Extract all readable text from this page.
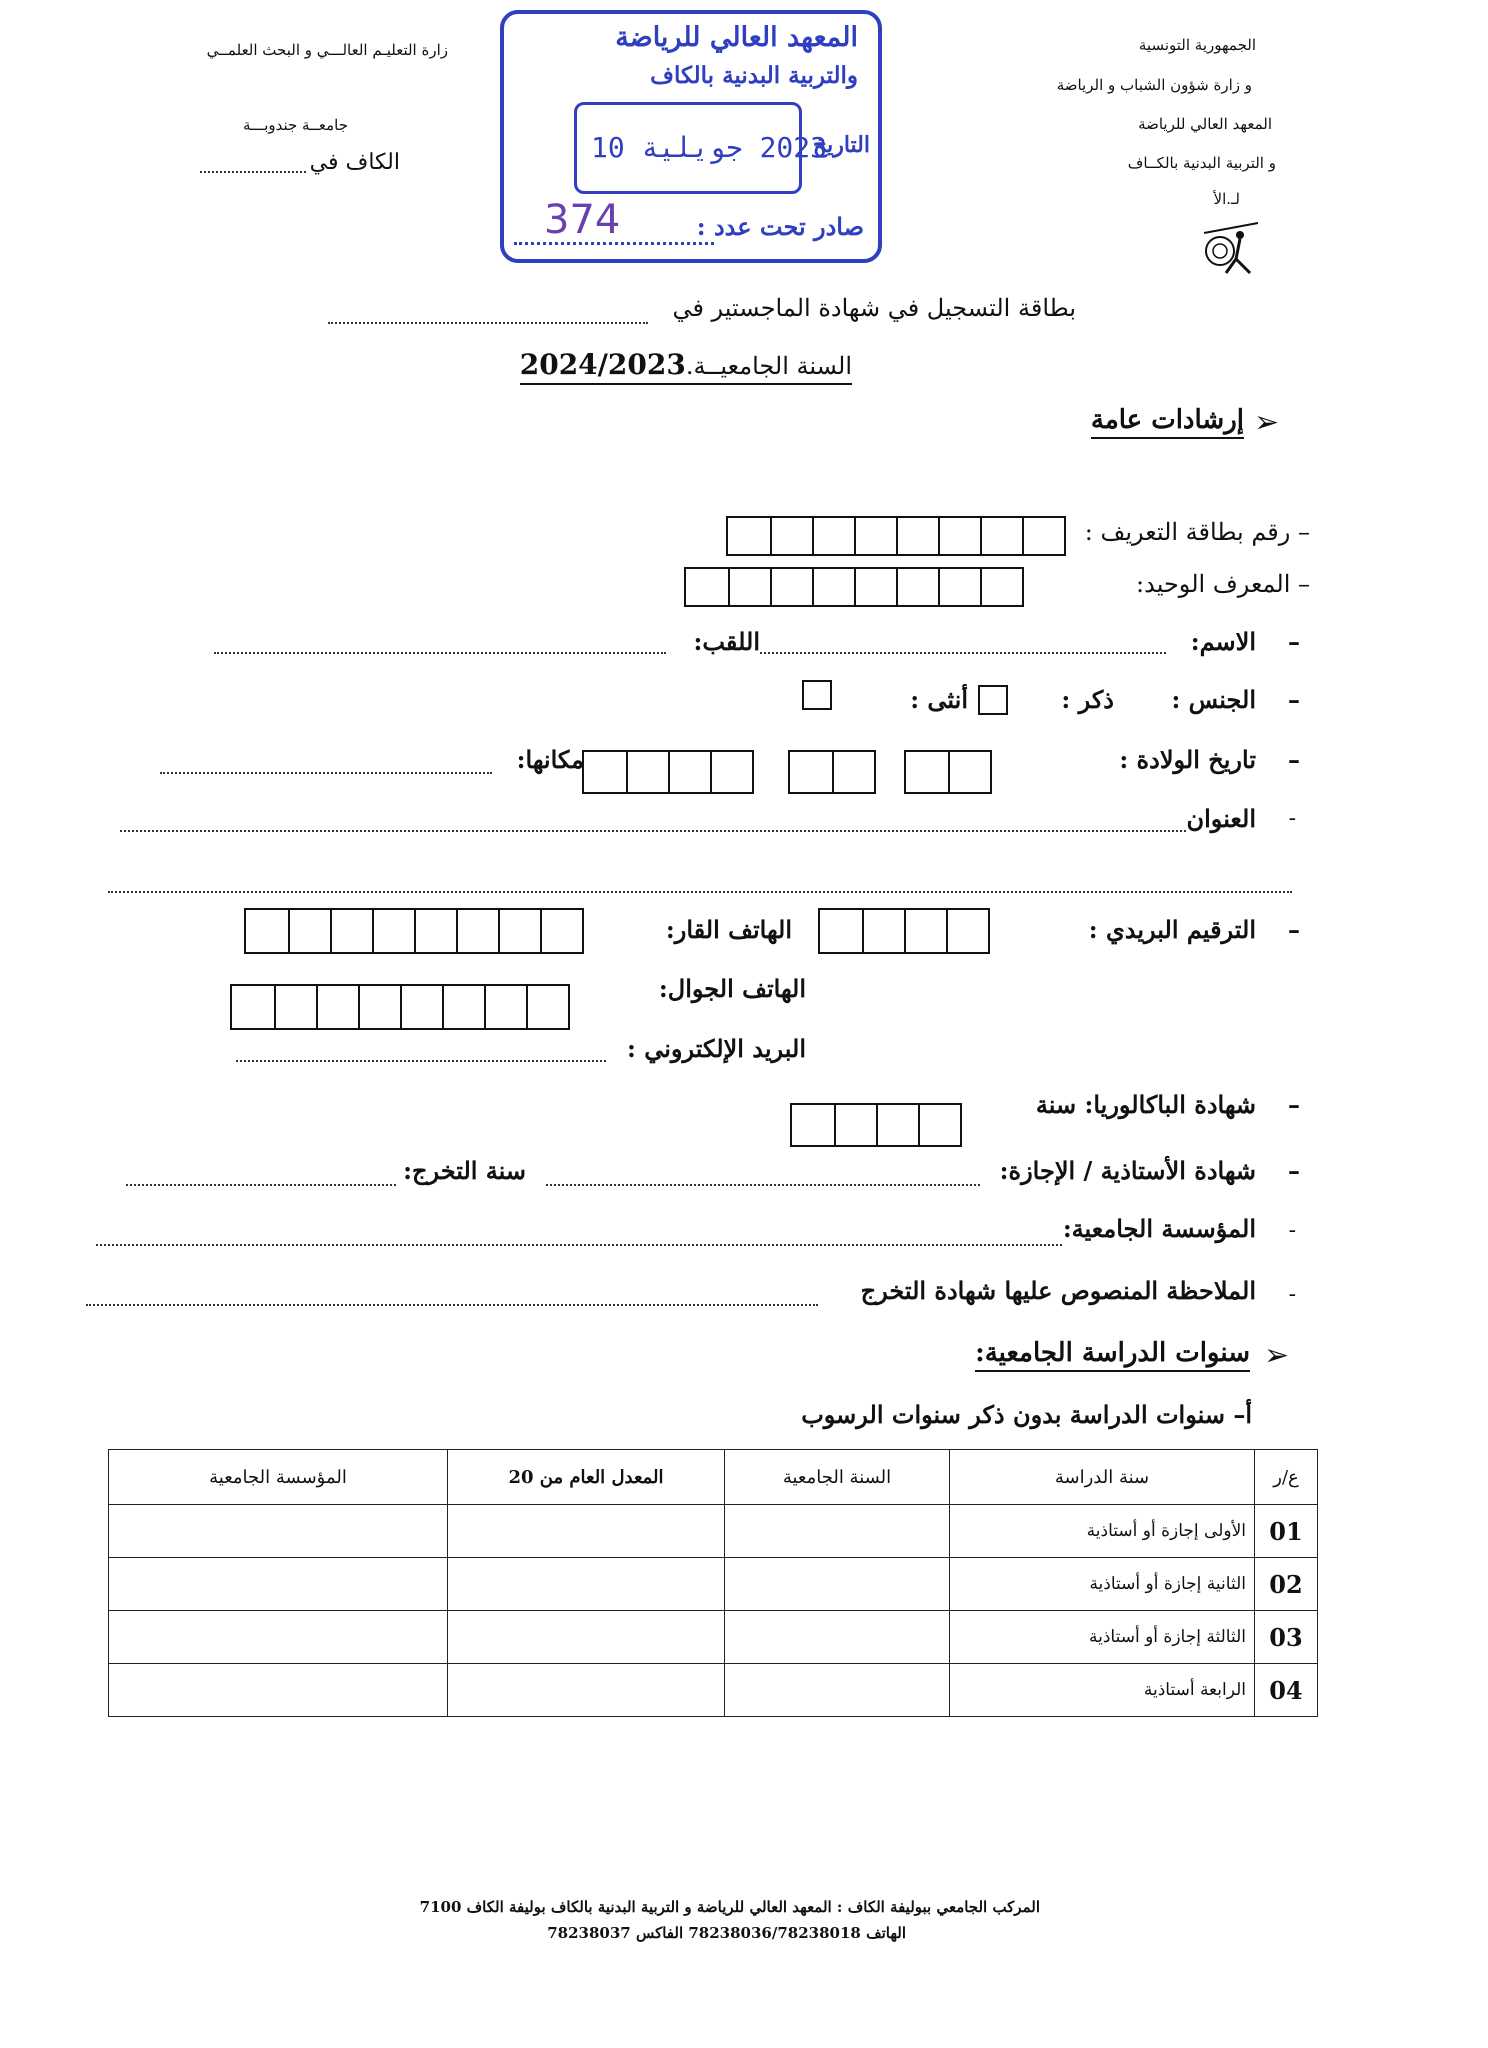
الجمهورية التونسية
و زارة شؤون الشباب و الرياضة
المعهد العالي للرياضة
و التربية البدنية بالكــاف
لـ.الأ
زارة التعليـم العالـــي و البحث العلمــي
جامعــة جندوبـــة
الكاف في
المعهد العالي للرياضة
والتربية البدنية بالكاف
2023 جويلية 10
التاريخ
صادر تحت عدد :
374
بطاقة التسجيل في شهادة الماجستير في
السنة الجامعيــة.2024/2023
➢
إرشادات عامة
– رقم بطاقة التعريف :
– المعرف الوحيد:
–
الاسم:
اللقب:
–
الجنس :
ذكر :
أنثى :
–
تاريخ الولادة :
مكانها:
-
العنوان
–
الترقيم البريدي :
الهاتف القار:
الهاتف الجوال:
البريد الإلكتروني :
–
شهادة الباكالوريا: سنة
–
شهادة الأستاذية / الإجازة:
سنة التخرج:
-
المؤسسة الجامعية:
-
الملاحظة المنصوص عليها شهادة التخرج
➢
سنوات الدراسة الجامعية:
أ– سنوات الدراسة بدون ذكر سنوات الرسوب
ع/ر	سنة الدراسة	السنة الجامعية	المعدل العام من 20	المؤسسة الجامعية
01	الأولى إجازة أو أستاذية			
02	الثانية إجازة أو أستاذية			
03	الثالثة إجازة أو أستاذية			
04	الرابعة أستاذية			
المركب الجامعي ببوليفة الكاف : المعهد العالي للرياضة و التربية البدنية بالكاف بوليفة الكاف 7100
الهاتف 78238036/78238018 الفاكس 78238037
